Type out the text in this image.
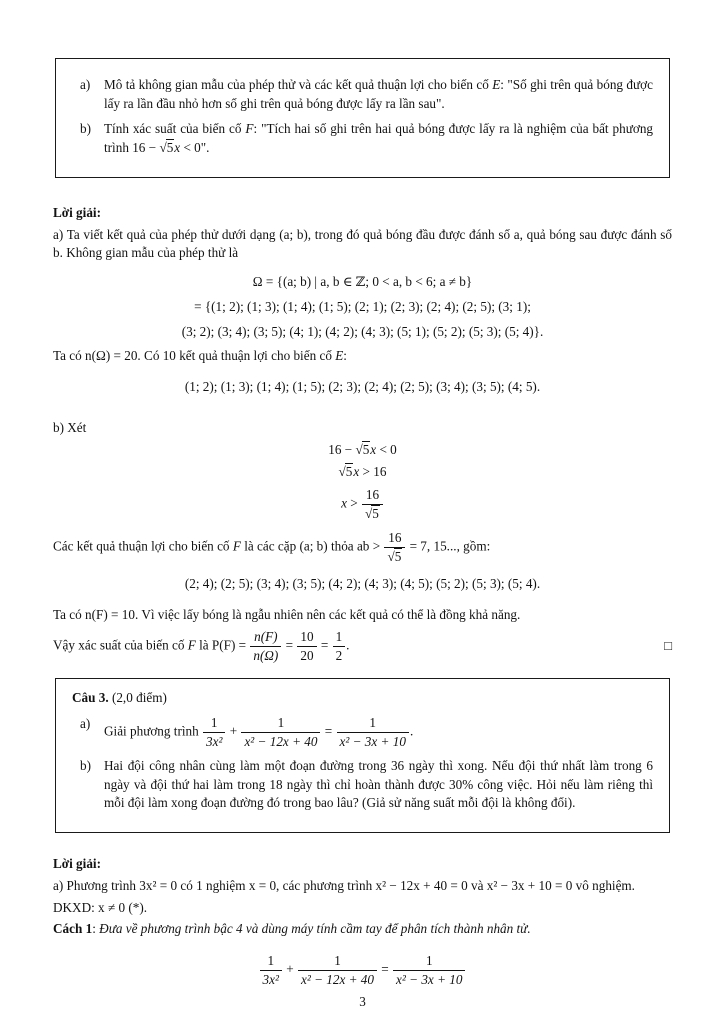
a)	Mô tả không gian mẫu của phép thử và các kết quả thuận lợi cho biến cố E: "Số ghi trên quả bóng được lấy ra lần đầu nhỏ hơn số ghi trên quả bóng được lấy ra lần sau".
b) Tính xác suất của biến cố F: "Tích hai số ghi trên hai quả bóng được lấy ra là nghiệm của bất phương trình 16 − √5x < 0".

Lời giải:

a) Ta viết kết quả của phép thử dưới dạng (a; b), trong đó quả bóng đầu được đánh số a, quả bóng sau được đánh số b. Không gian mẫu của phép thử là

Ω = {(a; b) | a, b ∈ ℤ; 0 < a, b < 6; a ≠ b}
= {(1; 2); (1; 3); (1; 4); (1; 5); (2; 1); (2; 3); (2; 4); (2; 5); (3; 1);
(3; 2); (3; 4); (3; 5); (4; 1); (4; 2); (4; 3); (5; 1); (5; 2); (5; 3); (5; 4)}.

Ta có n(Ω) = 20. Có 10 kết quả thuận lợi cho biến cố E:

(1; 2); (1; 3); (1; 4); (1; 5); (2; 3); (2; 4); (2; 5); (3; 4); (3; 5); (4; 5).

b) Xét

16 − √5x < 0
√5x > 16
$x > \frac{16}{√5}$

Các kết quả thuận lợi cho biến cố F là các cặp (a; b) thỏa ab > $\frac{16}{√5} = 7$, 15..., gồm:

(2; 4); (2; 5); (3; 4); (3; 5); (4; 2); (4; 3); (4; 5); (5; 2); (5; 3); (5; 4).

Ta có n(F) = 10. Vì việc lấy bóng là ngẫu nhiên nên các kết quả có thể là đồng khả năng.

Vậy xác suất của biến cố F là $P(F) = \frac{n(F)}{n(\Omega)} = \frac{10}{20} = \frac{1}{2}$ .	□

Câu 3. (2,0 điểm)

a)
Giải phương trình $\frac{1}{\text{3x²}} + \frac{1}{\text{x² − 12x + 40}} = \frac{1}{\text{x² − 3x + 10}}$ .
b) Hai đội công nhân cùng làm một đoạn đường trong 36 ngày thì xong. Nếu đội thứ nhất làm trong 6 ngày và đội thứ hai làm trong 18 ngày thì chỉ hoàn thành được 30% công việc. Hỏi nếu làm riêng thì mỗi đội làm xong đoạn đường đó trong bao lâu? (Giả sử năng suất mỗi đội là không đổi).

Lời giải:

a) Phương trình 3x² = 0 có 1 nghiệm x = 0, các phương trình x² − 12x + 40 = 0 và x² − 3x + 10 = 0 vô nghiệm.

DKXD: x ≠ 0 (*).

Cách 1: Đưa về phương trình bậc 4 và dùng máy tính cầm tay để phân tích thành nhân tử.

$\frac{1}{\text{3x²}} + \frac{1}{\text{x² − 12x + 40}} = \frac{1}{\text{x² − 3x + 10}}$
3
